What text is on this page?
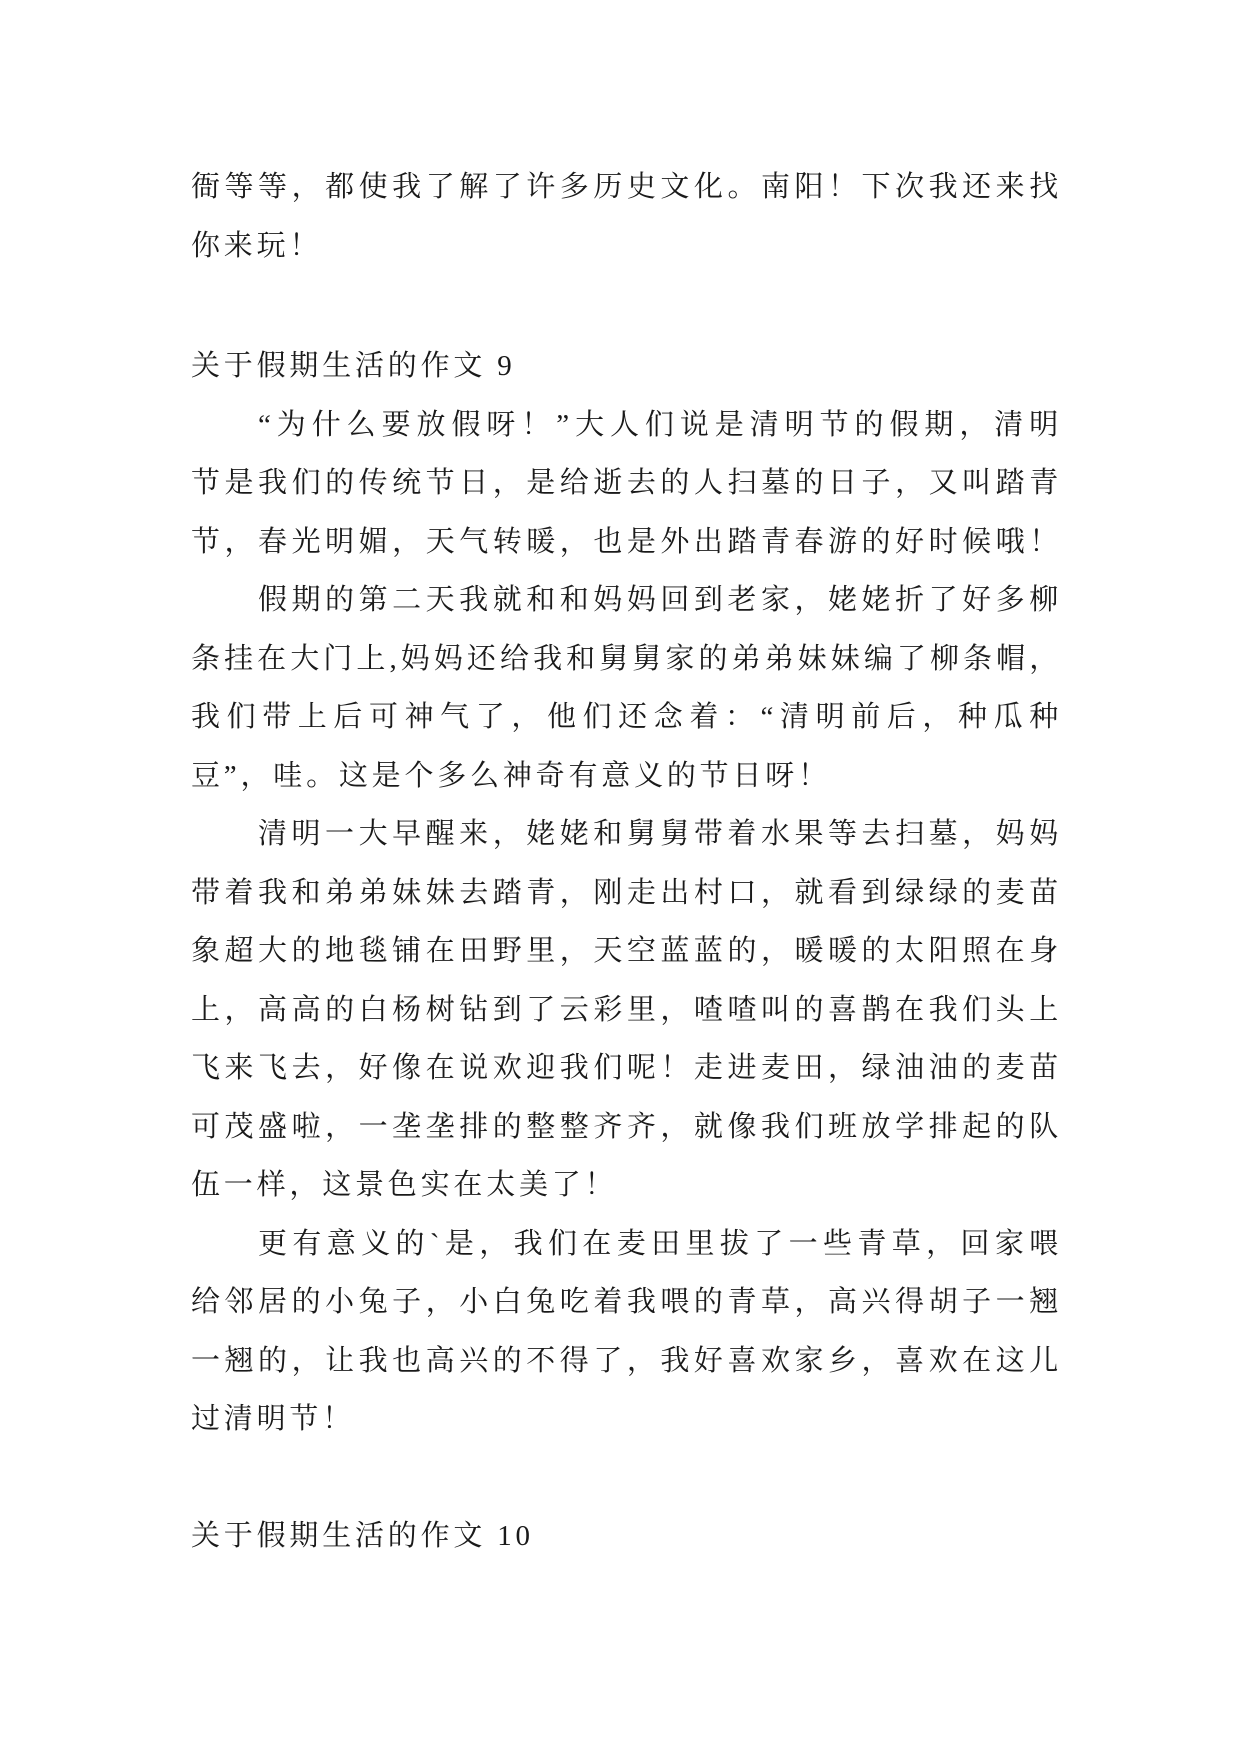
衙等等，都使我了解了许多历史文化。南阳！下次我还来找
你来玩！
关于假期生活的作文 9
“为什么要放假呀！”大人们说是清明节的假期，清明
节是我们的传统节日，是给逝去的人扫墓的日子，又叫踏青
节，春光明媚，天气转暖，也是外出踏青春游的好时候哦！
假期的第二天我就和和妈妈回到老家，姥姥折了好多柳
条挂在大门上,妈妈还给我和舅舅家的弟弟妹妹编了柳条帽，
我们带上后可神气了，他们还念着：“清明前后，种瓜种
豆”，哇。这是个多么神奇有意义的节日呀！
清明一大早醒来，姥姥和舅舅带着水果等去扫墓，妈妈
带着我和弟弟妹妹去踏青，刚走出村口，就看到绿绿的麦苗
象超大的地毯铺在田野里，天空蓝蓝的，暖暖的太阳照在身
上，高高的白杨树钻到了云彩里，喳喳叫的喜鹊在我们头上
飞来飞去，好像在说欢迎我们呢！走进麦田，绿油油的麦苗
可茂盛啦，一垄垄排的整整齐齐，就像我们班放学排起的队
伍一样，这景色实在太美了！
更有意义的`是，我们在麦田里拔了一些青草，回家喂
给邻居的小兔子，小白兔吃着我喂的青草，高兴得胡子一翘
一翘的，让我也高兴的不得了，我好喜欢家乡，喜欢在这儿
过清明节！
关于假期生活的作文 10
